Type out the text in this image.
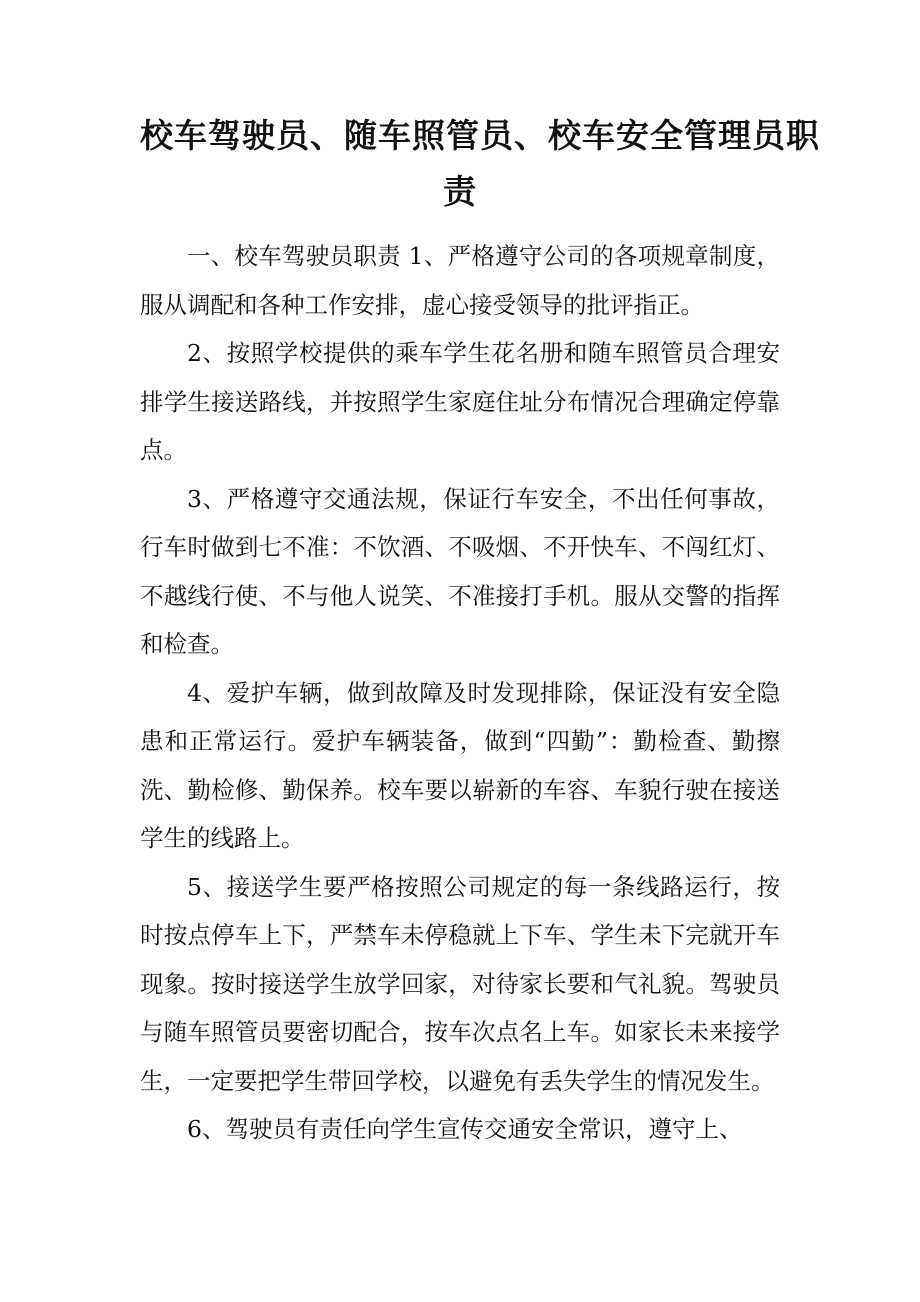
校车驾驶员、随车照管员、校车安全管理员职
责

一、校车驾驶员职责 1、严格遵守公司的各项规章制度，服从调配和各种工作安排，虚心接受领导的批评指正。

2、按照学校提供的乘车学生花名册和随车照管员合理安排学生接送路线，并按照学生家庭住址分布情况合理确定停靠点。

3、严格遵守交通法规，保证行车安全，不出任何事故，行车时做到七不准：不饮酒、不吸烟、不开快车、不闯红灯、不越线行使、不与他人说笑、不准接打手机。服从交警的指挥和检查。

4、爱护车辆，做到故障及时发现排除，保证没有安全隐患和正常运行。爱护车辆装备，做到“四勤”：勤检查、勤擦洗、勤检修、勤保养。校车要以崭新的车容、车貌行驶在接送学生的线路上。

5、接送学生要严格按照公司规定的每一条线路运行，按时按点停车上下，严禁车未停稳就上下车、学生未下完就开车现象。按时接送学生放学回家，对待家长要和气礼貌。驾驶员与随车照管员要密切配合，按车次点名上车。如家长未来接学生，一定要把学生带回学校，以避免有丢失学生的情况发生。

6、驾驶员有责任向学生宣传交通安全常识，遵守上、
